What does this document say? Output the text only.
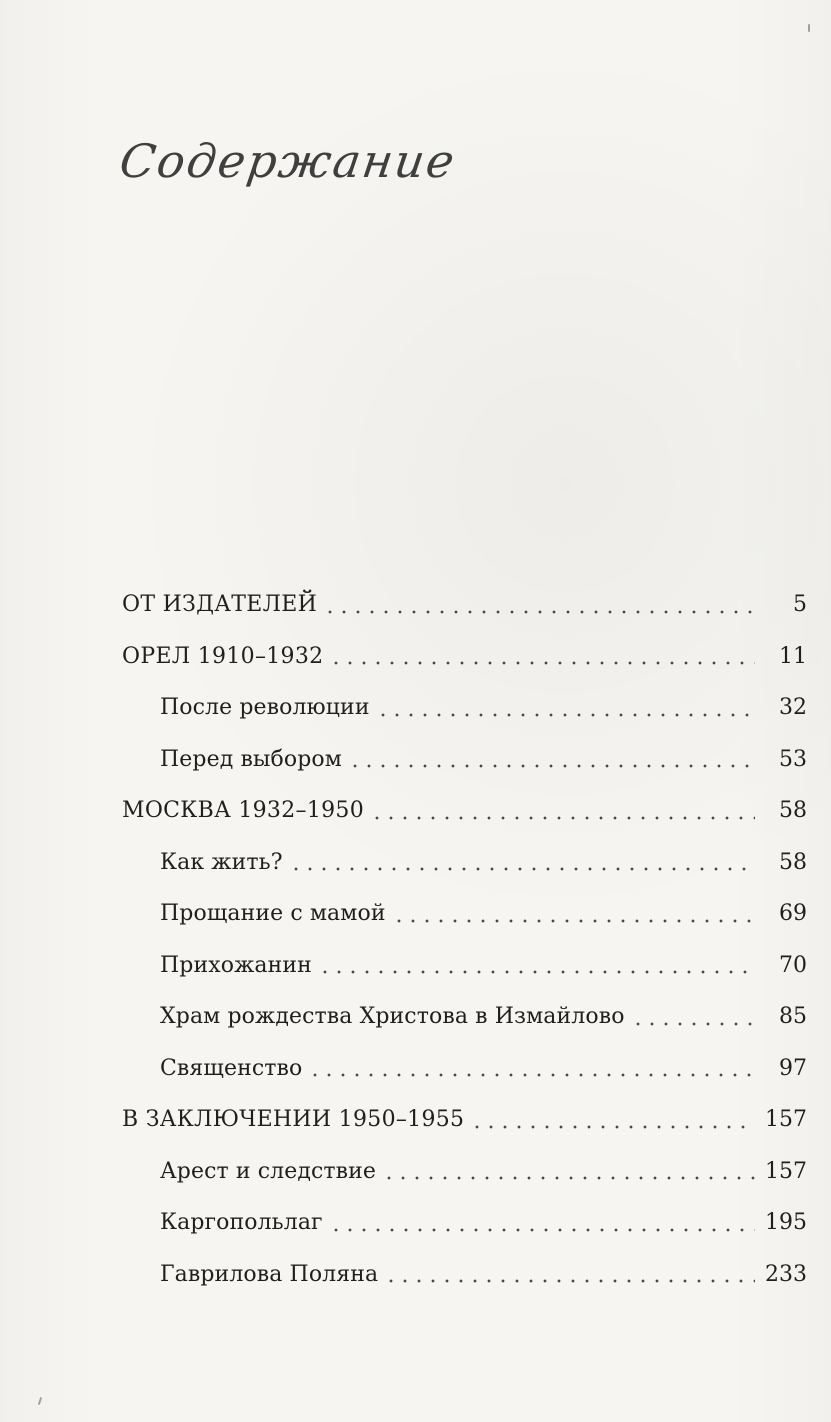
Содержание
ОТ ИЗДАТЕЛЕЙ	5
ОРЕЛ 1910–1932	11
После революции	32
Перед выбором	53
МОСКВА 1932–1950	58
Как жить?	58
Прощание с мамой	69
Прихожанин	70
Храм рождества Христова в Измайлово	85
Священство	97
В ЗАКЛЮЧЕНИИ 1950–1955	157
Арест и следствие	157
Каргопольлаг	195
Гаврилова Поляна	233
